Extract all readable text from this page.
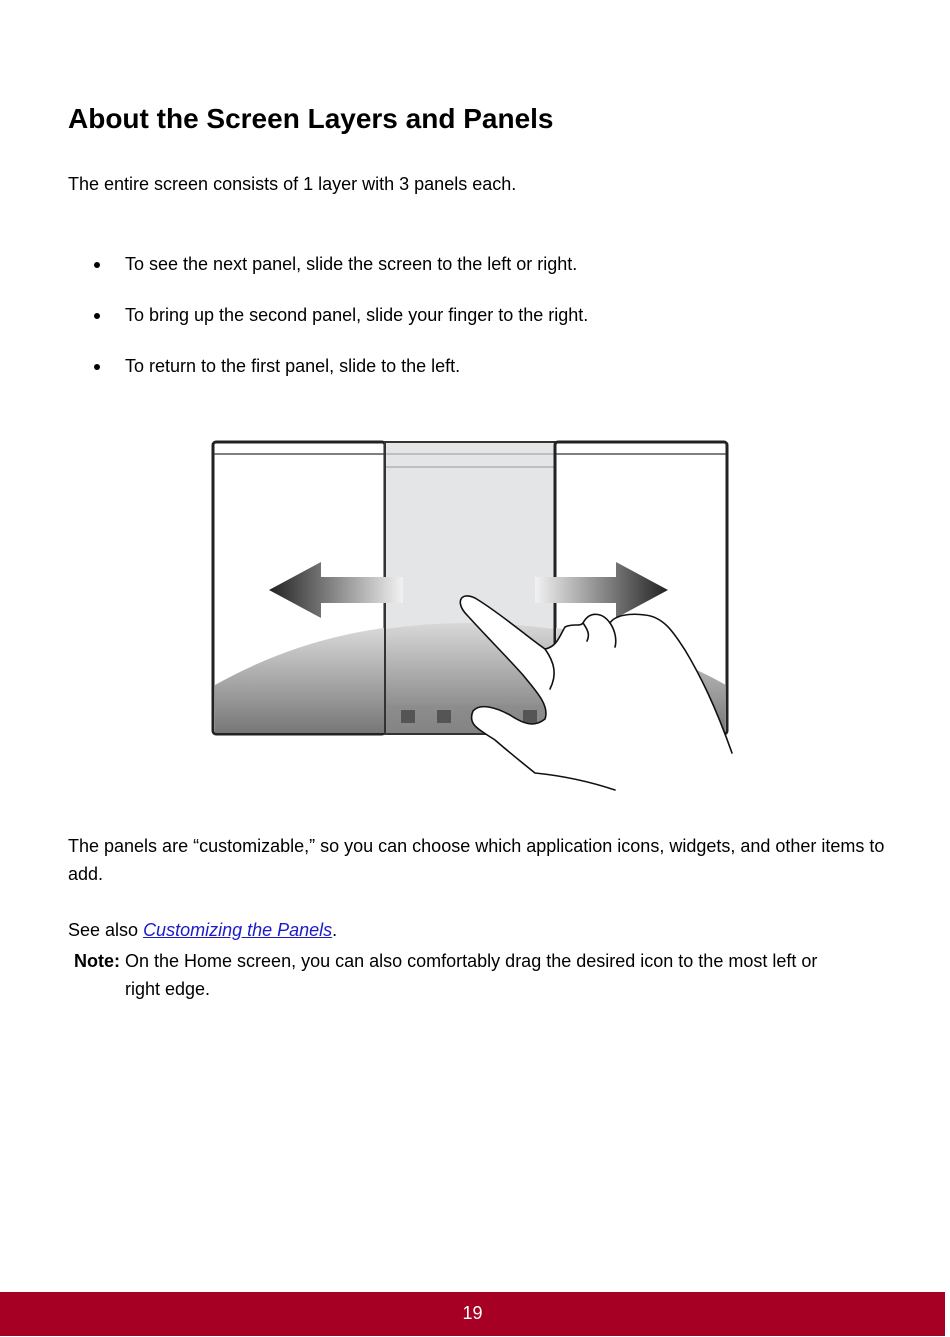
About the Screen Layers and Panels

The entire screen consists of 1 layer with 3 panels each.

To see the next panel, slide the screen to the left or right.
To bring up the second panel, slide your finger to the right.
To return to the first panel, slide to the left.

The panels are “customizable,” so you can choose which application icons, widgets, and other items to add.

See also Customizing the Panels.

Note: On the Home screen, you can also comfortably drag the desired icon to the most left or
right edge.

19
